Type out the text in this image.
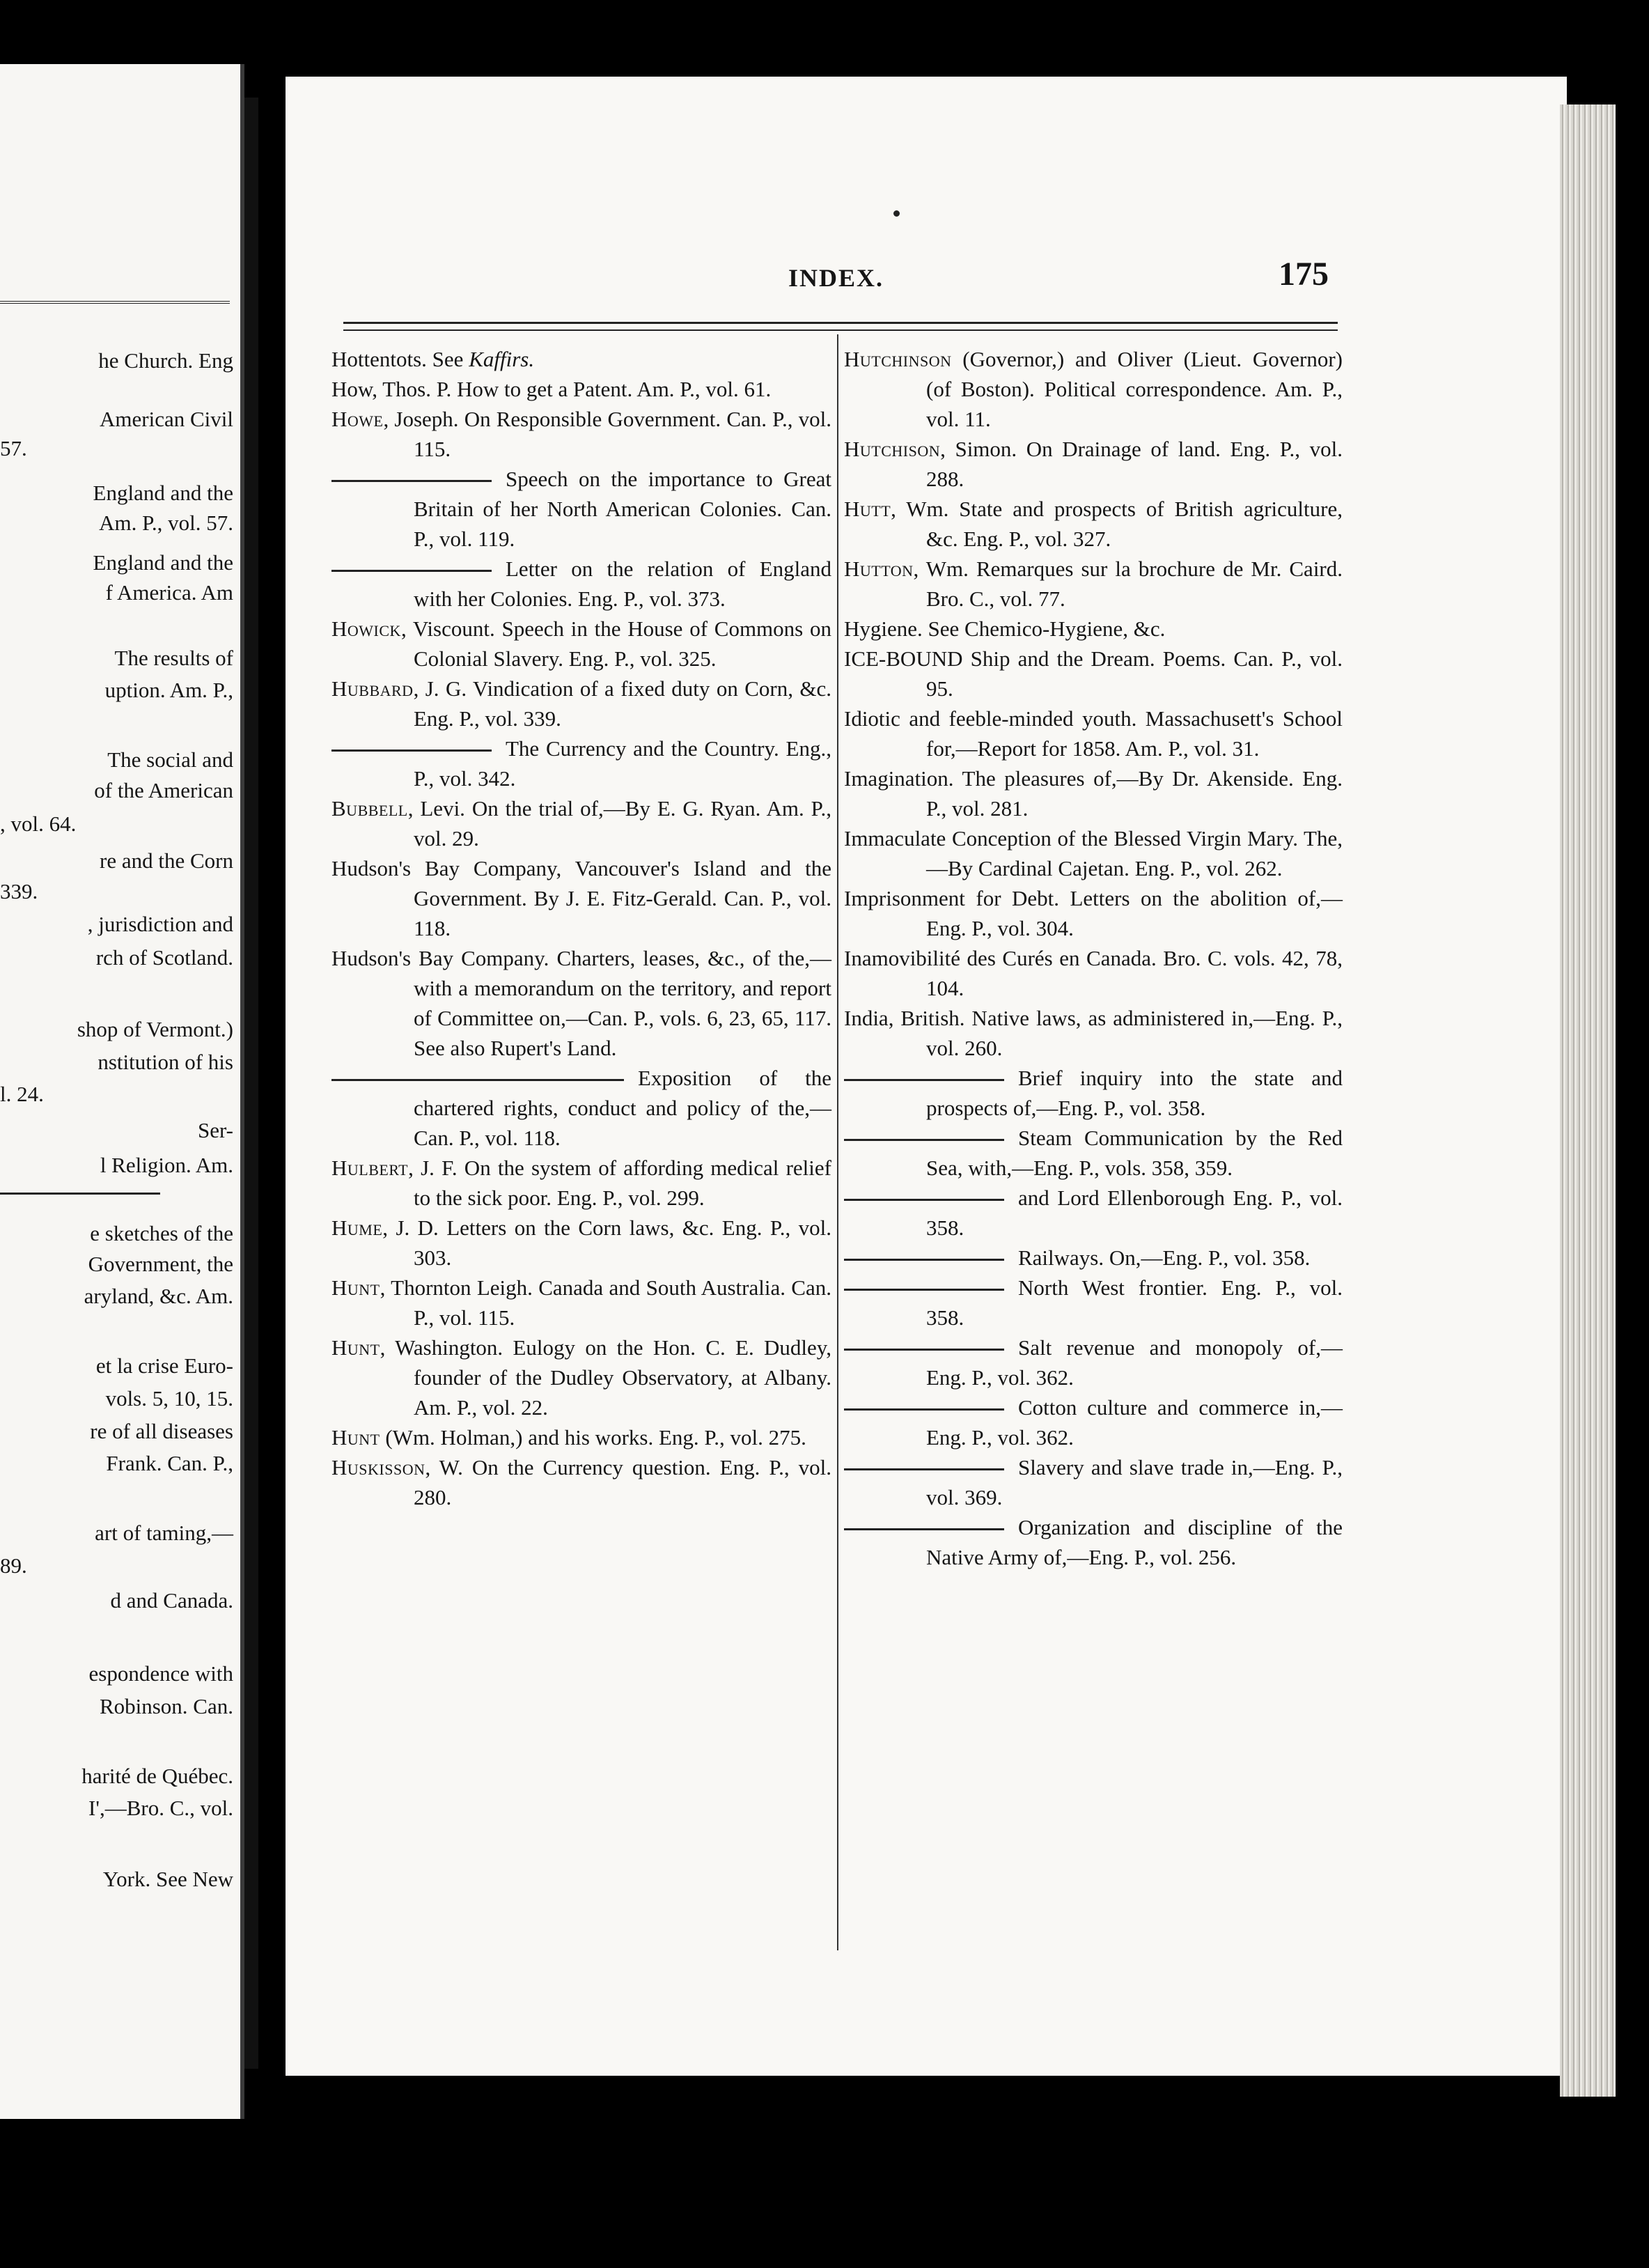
he Church. Eng
American Civil
57.
England and the
Am. P., vol. 57.
England and the
f America. Am
The results of
uption. Am. P.,
The social and
of the American
, vol. 64.
re and the Corn
339.
, jurisdiction and
rch of Scotland.
shop of Vermont.)
nstitution of his
l. 24.
Ser-
l Religion. Am.
e sketches of the
Government, the
aryland, &c. Am.
et la crise Euro-
vols. 5, 10, 15.
re of all diseases
Frank. Can. P.,
art of taming,—
89.
d and Canada.
espondence with
Robinson. Can.
harité de Québec.
I',—Bro. C., vol.
York. See New
INDEX.	175

Hottentots. See Kaffirs.

How, Thos. P. How to get a Patent. Am. P., vol. 61.

Howe, Joseph. On Responsible Government. Can. P., vol. 115.

Speech on the importance to Great Britain of her North American Colonies. Can. P., vol. 119.

Letter on the relation of England with her Colonies. Eng. P., vol. 373.

Howick, Viscount. Speech in the House of Commons on Colonial Slavery. Eng. P., vol. 325.

Hubbard, J. G. Vindication of a fixed duty on Corn, &c. Eng. P., vol. 339.

The Currency and the Country. Eng., P., vol. 342.

Bubbell, Levi. On the trial of,—By E. G. Ryan. Am. P., vol. 29.

Hudson's Bay Company, Vancouver's Island and the Government. By J. E. Fitz-Gerald. Can. P., vol. 118.

Hudson's Bay Company. Charters, leases, &c., of the,—with a memorandum on the territory, and report of Committee on,—Can. P., vols. 6, 23, 65, 117. See also Rupert's Land.

Exposition of the chartered rights, conduct and policy of the,—Can. P., vol. 118.

Hulbert, J. F. On the system of affording medical relief to the sick poor. Eng. P., vol. 299.

Hume, J. D. Letters on the Corn laws, &c. Eng. P., vol. 303.

Hunt, Thornton Leigh. Canada and South Australia. Can. P., vol. 115.

Hunt, Washington. Eulogy on the Hon. C. E. Dudley, founder of the Dudley Observatory, at Albany. Am. P., vol. 22.

Hunt (Wm. Holman,) and his works. Eng. P., vol. 275.

Huskisson, W. On the Currency question. Eng. P., vol. 280.

Hutchinson (Governor,) and Oliver (Lieut. Governor) (of Boston). Political correspondence. Am. P., vol. 11.

Hutchison, Simon. On Drainage of land. Eng. P., vol. 288.

Hutt, Wm. State and prospects of British agriculture, &c. Eng. P., vol. 327.

Hutton, Wm. Remarques sur la brochure de Mr. Caird. Bro. C., vol. 77.

Hygiene. See Chemico-Hygiene, &c.

ICE-BOUND Ship and the Dream. Poems. Can. P., vol. 95.

Idiotic and feeble-minded youth. Massachusett's School for,—Report for 1858. Am. P., vol. 31.

Imagination. The pleasures of,—By Dr. Akenside. Eng. P., vol. 281.

Immaculate Conception of the Blessed Virgin Mary. The,—By Cardinal Cajetan. Eng. P., vol. 262.

Imprisonment for Debt. Letters on the abolition of,—Eng. P., vol. 304.

Inamovibilité des Curés en Canada. Bro. C. vols. 42, 78, 104.

India, British. Native laws, as administered in,—Eng. P., vol. 260.

Brief inquiry into the state and prospects of,—Eng. P., vol. 358.

Steam Communication by the Red Sea, with,—Eng. P., vols. 358, 359.

and Lord Ellenborough Eng. P., vol. 358.

Railways. On,—Eng. P., vol. 358.

North West frontier. Eng. P., vol. 358.

Salt revenue and monopoly of,—Eng. P., vol. 362.

Cotton culture and commerce in,—Eng. P., vol. 362.

Slavery and slave trade in,—Eng. P., vol. 369.

Organization and discipline of the Native Army of,—Eng. P., vol. 256.
